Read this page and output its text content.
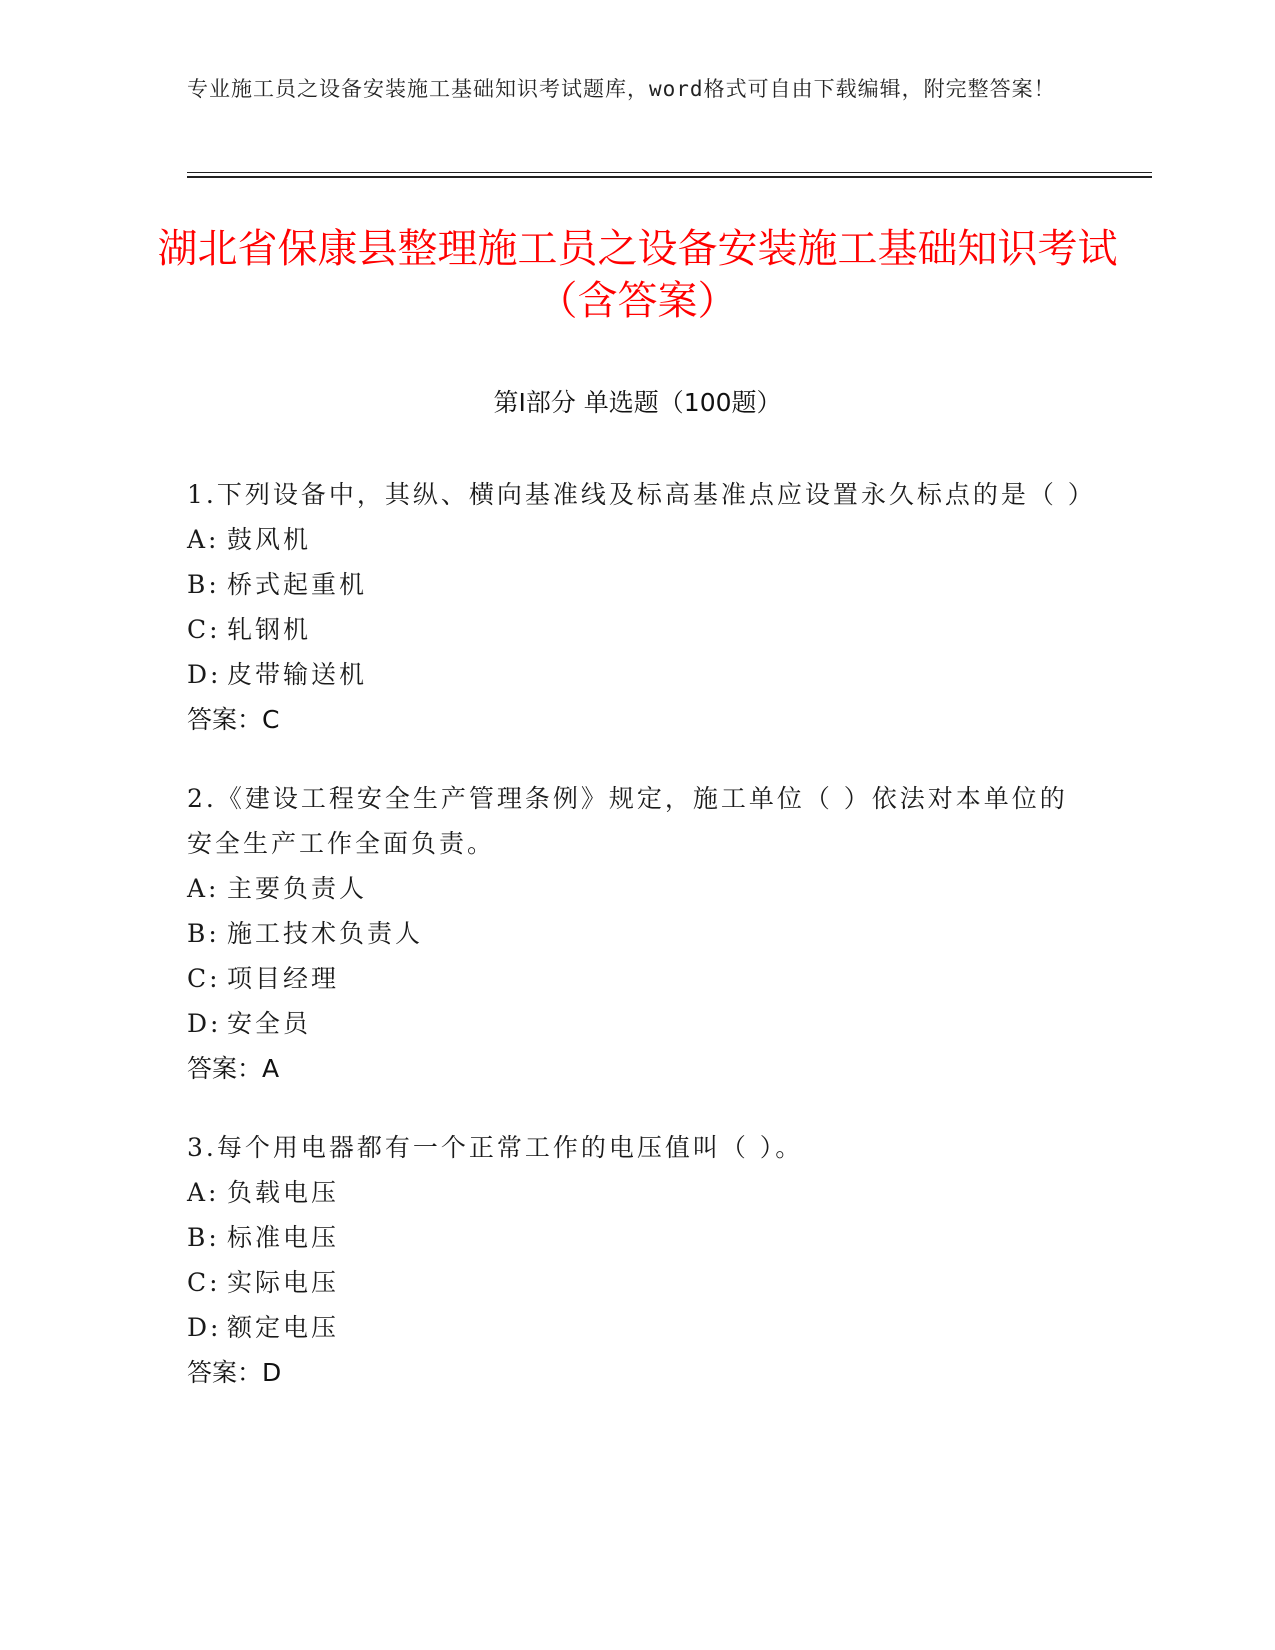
专业施工员之设备安装施工基础知识考试题库，word格式可自由下载编辑，附完整答案！
湖北省保康县整理施工员之设备安装施工基础知识考试（含答案）
第Ⅰ部分 单选题（100题）
1.下列设备中，其纵、横向基准线及标高基准点应设置永久标点的是（ ）
A: 鼓风机
B: 桥式起重机
C: 轧钢机
D: 皮带输送机
答案：C
2.《建设工程安全生产管理条例》规定，施工单位（ ）依法对本单位的安全生产工作全面负责。
A: 主要负责人
B: 施工技术负责人
C: 项目经理
D: 安全员
答案：A
3.每个用电器都有一个正常工作的电压值叫（ ）。
A: 负载电压
B: 标准电压
C: 实际电压
D: 额定电压
答案：D
